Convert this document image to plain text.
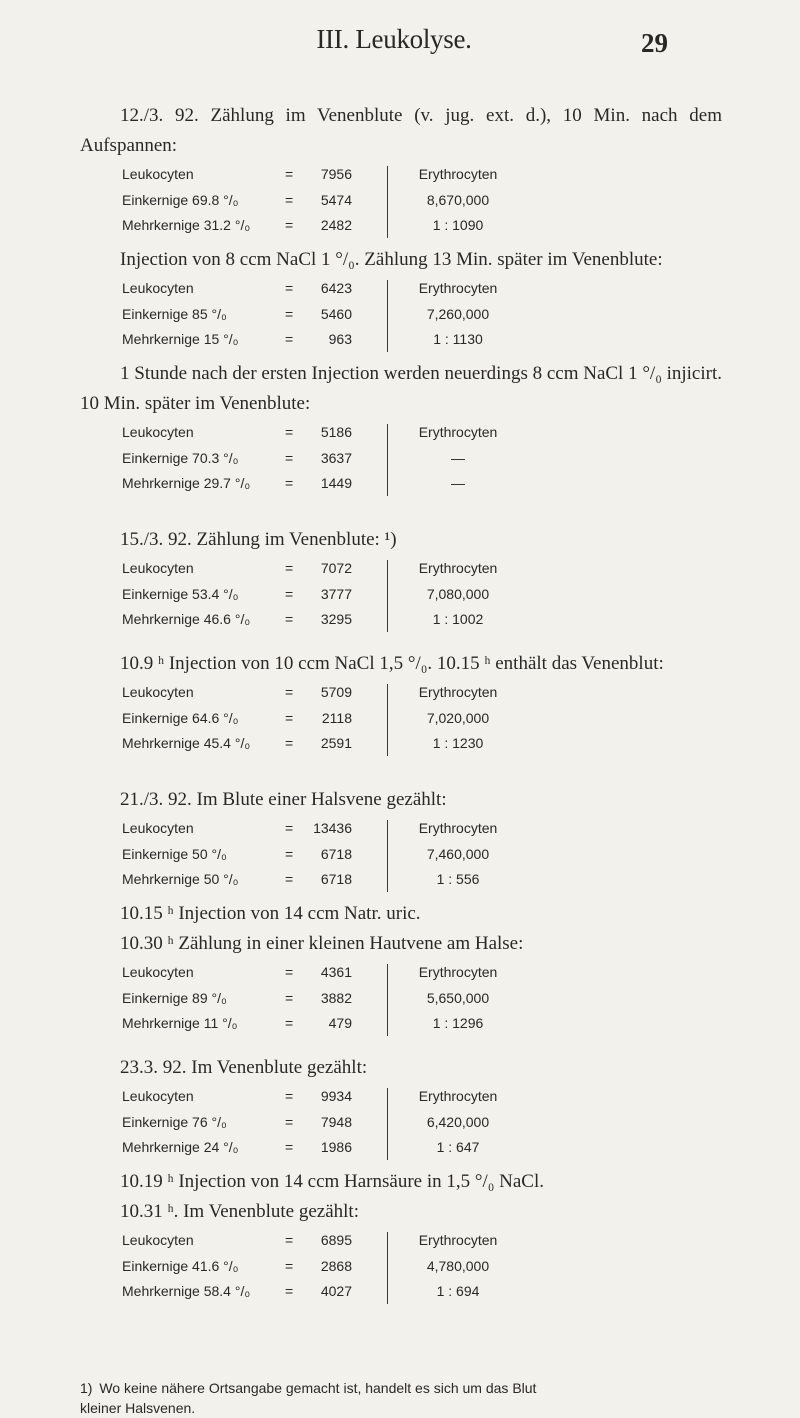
III. Leukolyse.	29

12./3. 92. Zählung im Venenblute (v. jug. ext. d.), 10 Min. nach dem Aufspannen:

Leukocyten
Einkernige 69.8 °/₀
Mehrkernige 31.2 °/₀
=
=
=
7956
5474
2482
Erythrocyten
8,670,000
1 : 1090

Injection von 8 ccm NaCl 1 °/₀. Zählung 13 Min. später im Venenblute:

Leukocyten
Einkernige 85 °/₀
Mehrkernige 15 °/₀
=
=
=
6423
5460
963
Erythrocyten
7,260,000
1 : 1130

1 Stunde nach der ersten Injection werden neuerdings 8 ccm NaCl 1 °/₀ injicirt. 10 Min. später im Venenblute:

Leukocyten
Einkernige 70.3 °/₀
Mehrkernige 29.7 °/₀
=
=
=
5186
3637
1449
Erythrocyten
—
—

15./3. 92. Zählung im Venenblute: ¹)

Leukocyten
Einkernige 53.4 °/₀
Mehrkernige 46.6 °/₀
=
=
=
7072
3777
3295
Erythrocyten
7,080,000
1 : 1002

10.9 ʰ Injection von 10 ccm NaCl 1,5 °/₀. 10.15 ʰ enthält das Venenblut:

Leukocyten
Einkernige 64.6 °/₀
Mehrkernige 45.4 °/₀
=
=
=
5709
2118
2591
Erythrocyten
7,020,000
1 : 1230

21./3. 92. Im Blute einer Halsvene gezählt:

Leukocyten
Einkernige 50 °/₀
Mehrkernige 50 °/₀
=
=
=
13436
6718
6718
Erythrocyten
7,460,000
1 : 556

10.15 ʰ Injection von 14 ccm Natr. uric.

10.30 ʰ Zählung in einer kleinen Hautvene am Halse:

Leukocyten
Einkernige 89 °/₀
Mehrkernige 11 °/₀
=
=
=
4361
3882
479
Erythrocyten
5,650,000
1 : 1296

23.3. 92. Im Venenblute gezählt:

Leukocyten
Einkernige 76 °/₀
Mehrkernige 24 °/₀
=
=
=
9934
7948
1986
Erythrocyten
6,420,000
1 : 647

10.19 ʰ Injection von 14 ccm Harnsäure in 1,5 °/₀ NaCl.

10.31 ʰ. Im Venenblute gezählt:

Leukocyten
Einkernige 41.6 °/₀
Mehrkernige 58.4 °/₀
=
=
=
6895
2868
4027
Erythrocyten
4,780,000
1 : 694
1) Wo keine nähere Ortsangabe gemacht ist, handelt es sich um das Blut
kleiner Halsvenen.
